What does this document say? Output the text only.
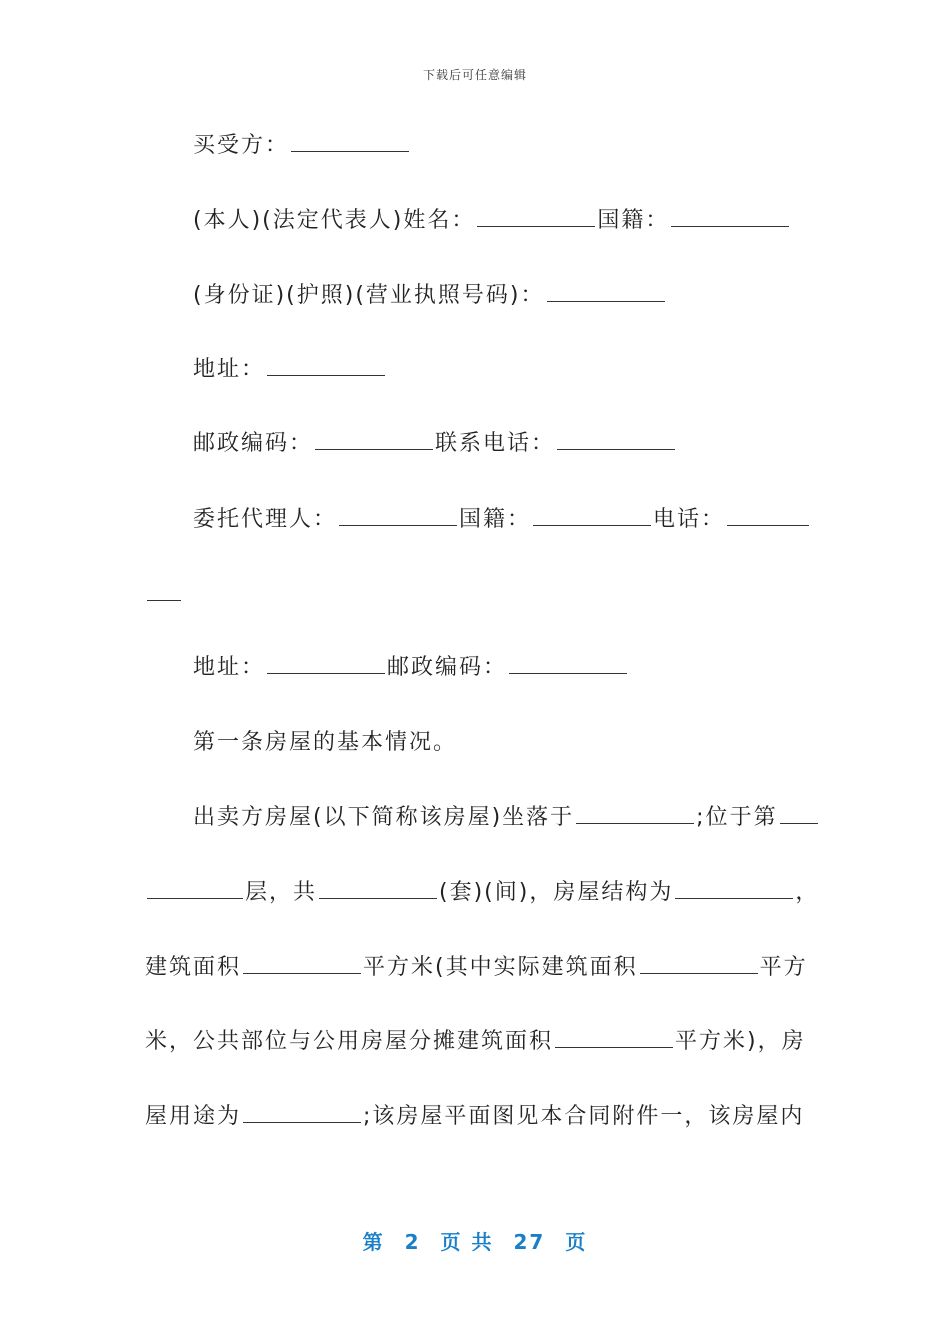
下载后可任意编辑
买受方：
(本人)(法定代表人)姓名：	国籍：
(身份证)(护照)(营业执照号码)：
地址：
邮政编码：	联系电话：
委托代理人：	国籍：	电话：
地址：	邮政编码：
第一条房屋的基本情况。
出卖方房屋(以下简称该房屋)坐落于	;位于第
层，共	(套)(间)，房屋结构为	，
建筑面积	平方米(其中实际建筑面积	平方
米，公共部位与公用房屋分摊建筑面积	平方米)，房
屋用途为	;该房屋平面图见本合同附件一，该房屋内
第 2 页 共 27 页
